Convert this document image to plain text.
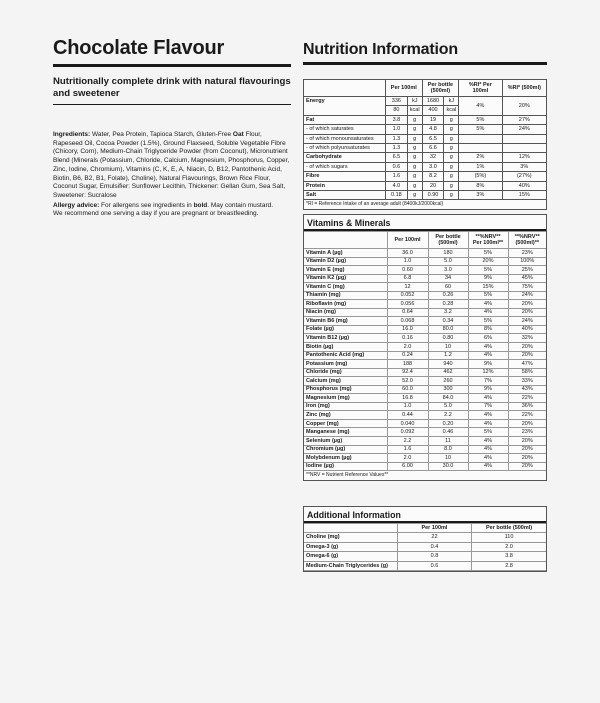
Chocolate Flavour

Nutritionally complete drink with natural flavourings and sweetener

Ingredients: Water, Pea Protein, Tapioca Starch, Gluten-Free Oat Flour, Rapeseed Oil, Cocoa Powder (1.5%), Ground Flaxseed, Soluble Vegetable Fibre (Chicory, Corn), Medium-Chain Triglyceride Powder (from Coconut), Micronutrient Blend (Minerals (Potassium, Chloride, Calcium, Magnesium, Phosphorus, Copper, Zinc, Iodine, Chromium), Vitamins (C, K, E, A, Niacin, D, B12, Pantothenic Acid, Biotin, B6, B2, B1, Folate), Choline), Natural Flavourings, Brown Rice Flour, Coconut Sugar, Emulsifier: Sunflower Lecithin, Thickener: Gellan Gum, Sea Salt, Sweetener: Sucralose

Allergy advice: For allergens see ingredients in bold. May contain mustard.

We recommend one serving a day if you are pregnant or breastfeeding.

Nutrition Information
	Per 100ml		Per bottle (500ml)		%RI* Per 100ml	%RI* (500ml)
Energy	336	kJ	1680	kJ	4%	20%
	80	kcal	400	kcal		
Fat	3.8	g	19	g	5%	27%
- of which saturates	1.0	g	4.8	g	5%	24%
- of which monounsaturates	1.3	g	6.5	g		
- of which polyunsaturates	1.3	g	6.6	g		
Carbohydrate	6.5	g	32	g	2%	12%
- of which sugars	0.6	g	3.0	g	1%	3%
Fibre	1.6	g	8.2	g	(5%)	(27%)
Protein	4.0	g	20	g	8%	40%
Salt	0.18	g	0.90	g	3%	15%
*RI = Reference Intake of an average adult (8400kJ/2000kcal)						
Vitamins & Minerals
	Per 100ml	Per bottle (500ml)	**%NRV** Per 100ml**	**%NRV** (500ml)**
Vitamin A (µg)	36.0	180	5%	23%
Vitamin D2 (µg)	1.0	5.0	20%	100%
Vitamin E (mg)	0.60	3.0	5%	25%
Vitamin K2 (µg)	6.8	34	9%	45%
Vitamin C (mg)	12	60	15%	75%
Thiamin (mg)	0.052	0.26	5%	24%
Riboflavin (mg)	0.056	0.28	4%	20%
Niacin (mg)	0.64	3.2	4%	20%
Vitamin B6 (mg)	0.068	0.34	5%	24%
Folate (µg)	16.0	80.0	8%	40%
Vitamin B12 (µg)	0.16	0.80	6%	32%
Biotin (µg)	2.0	10	4%	20%
Pantothenic Acid (mg)	0.24	1.2	4%	20%
Potassium (mg)	188	940	9%	47%
Chloride (mg)	92.4	462	12%	58%
Calcium (mg)	52.0	260	7%	33%
Phosphorus (mg)	60.0	300	9%	43%
Magnesium (mg)	16.8	84.0	4%	22%
Iron (mg)	1.0	5.0	7%	36%
Zinc (mg)	0.44	2.2	4%	22%
Copper (mg)	0.040	0.20	4%	20%
Manganese (mg)	0.092	0.46	5%	23%
Selenium (µg)	2.2	11	4%	20%
Chromium (µg)	1.6	8.0	4%	20%
Molybdenum (µg)	2.0	10	4%	20%
Iodine (µg)	6.00	30.0	4%	20%
**NRV = Nutrient Reference Values**
Additional Information
	Per 100ml	Per bottle (500ml)
Choline (mg)	22	110
Omega-3 (g)	0.4	2.0
Omega-6 (g)	0.8	3.8
Medium-Chain Triglycerides (g)	0.6	2.8
